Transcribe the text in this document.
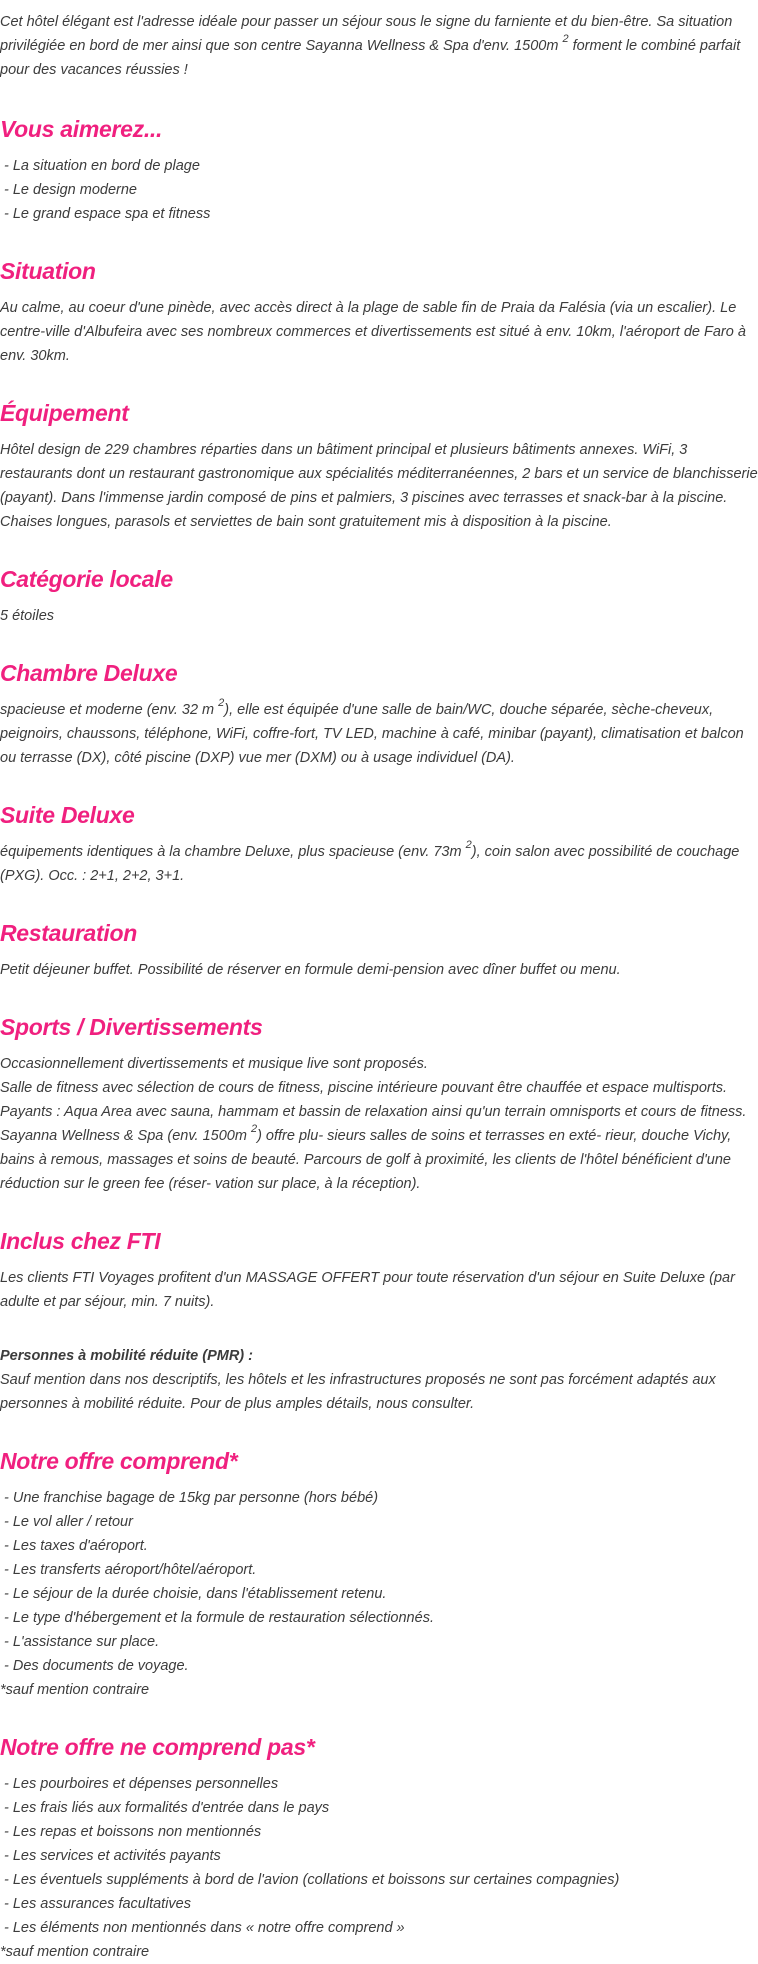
Cet hôtel élégant est l'adresse idéale pour passer un séjour sous le signe du farniente et du bien-être. Sa situation privilégiée en bord de mer ainsi que son centre Sayanna Wellness & Spa d'env. 1500m $^2$ forment le combiné parfait pour des vacances réussies !

Vous aimerez...
- La situation en bord de plage
- Le design moderne
- Le grand espace spa et fitness
Situation

Au calme, au coeur d'une pinède, avec accès direct à la plage de sable fin de Praia da Falésia (via un escalier). Le centre-ville d'Albufeira avec ses nombreux commerces et divertissements est situé à env. 10km, l'aéroport de Faro à env. 30km.

Équipement

Hôtel design de 229 chambres réparties dans un bâtiment principal et plusieurs bâtiments annexes. WiFi, 3 restaurants dont un restaurant gastronomique aux spécialités méditerranéennes, 2 bars et un service de blanchisserie (payant). Dans l'immense jardin composé de pins et palmiers, 3 piscines avec terrasses et snack-bar à la piscine. Chaises longues, parasols et serviettes de bain sont gratuitement mis à disposition à la piscine.

Catégorie locale

5 étoiles

Chambre Deluxe

spacieuse et moderne (env. 32 m $^2$), elle est équipée d'une salle de bain/WC, douche séparée, sèche-cheveux, peignoirs, chaussons, téléphone, WiFi, coffre-fort, TV LED, machine à café, minibar (payant), climatisation et balcon ou terrasse (DX), côté piscine (DXP) vue mer (DXM) ou à usage individuel (DA).

Suite Deluxe

équipements identiques à la chambre Deluxe, plus spacieuse (env. 73m $^2$), coin salon avec possibilité de couchage (PXG). Occ. : 2+1, 2+2, 3+1.

Restauration

Petit déjeuner buffet. Possibilité de réserver en formule demi-pension avec dîner buffet ou menu.

Sports / Divertissements

Occasionnellement divertissements et musique live sont proposés.

Salle de fitness avec sélection de cours de fitness, piscine intérieure pouvant être chauffée et espace multisports.

Payants : Aqua Area avec sauna, hammam et bassin de relaxation ainsi qu'un terrain omnisports et cours de fitness.

Sayanna Wellness & Spa (env. 1500m $^2$) offre plu- sieurs salles de soins et terrasses en exté- rieur, douche Vichy, bains à remous, massages et soins de beauté. Parcours de golf à proximité, les clients de l'hôtel bénéficient d'une réduction sur le green fee (réser- vation sur place, à la réception).

Inclus chez FTI

Les clients FTI Voyages profitent d'un MASSAGE OFFERT pour toute réservation d'un séjour en Suite Deluxe (par adulte et par séjour, min. 7 nuits).

Personnes à mobilité réduite (PMR) :

Sauf mention dans nos descriptifs, les hôtels et les infrastructures proposés ne sont pas forcément adaptés aux personnes à mobilité réduite. Pour de plus amples détails, nous consulter.

Notre offre comprend*
- Une franchise bagage de 15kg par personne (hors bébé)
- Le vol aller / retour
- Les taxes d'aéroport.
- Les transferts aéroport/hôtel/aéroport.
- Le séjour de la durée choisie, dans l'établissement retenu.
- Le type d'hébergement et la formule de restauration sélectionnés.
- L'assistance sur place.
- Des documents de voyage.

*sauf mention contraire

Notre offre ne comprend pas*
- Les pourboires et dépenses personnelles
- Les frais liés aux formalités d'entrée dans le pays
- Les repas et boissons non mentionnés
- Les services et activités payants
- Les éventuels suppléments à bord de l'avion (collations et boissons sur certaines compagnies)
- Les assurances facultatives
- Les éléments non mentionnés dans « notre offre comprend »

*sauf mention contraire
